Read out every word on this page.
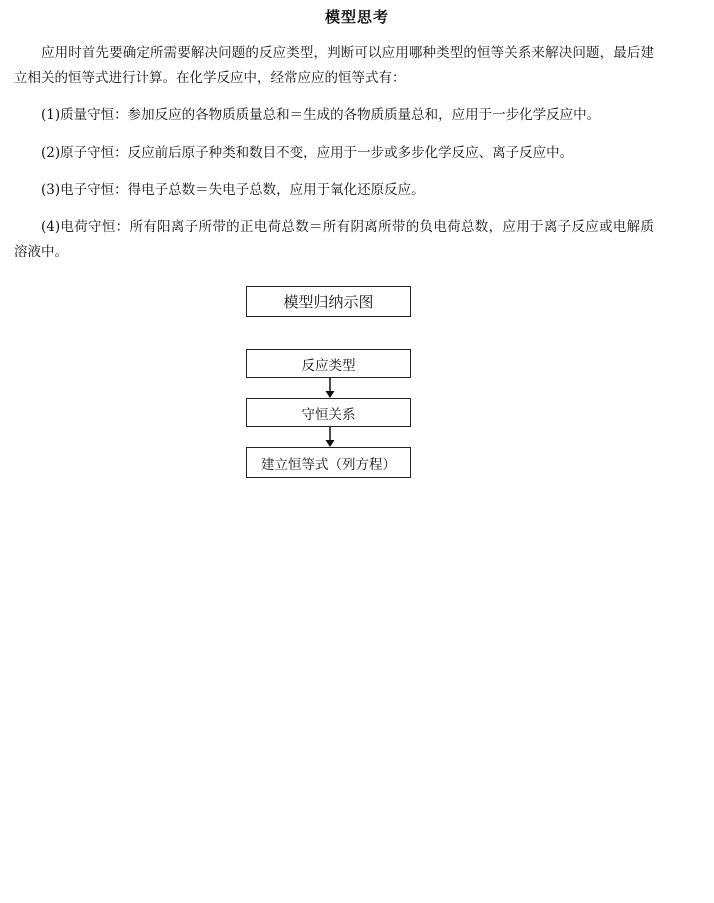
模型思考

应用时首先要确定所需要解决问题的反应类型，判断可以应用哪种类型的恒等关系来解决问题，最后建立相关的恒等式进行计算。在化学反应中，经常应应的恒等式有：

(1)质量守恒：参加反应的各物质质量总和＝生成的各物质质量总和，应用于一步化学反应中。

(2)原子守恒：反应前后原子种类和数目不变，应用于一步或多步化学反应、离子反应中。

(3)电子守恒：得电子总数＝失电子总数，应用于氧化还原反应。

(4)电荷守恒：所有阳离子所带的正电荷总数＝所有阴离所带的负电荷总数，应用于离子反应或电解质溶液中。

模型归纳示图
反应类型
守恒关系
建立恒等式（列方程）
